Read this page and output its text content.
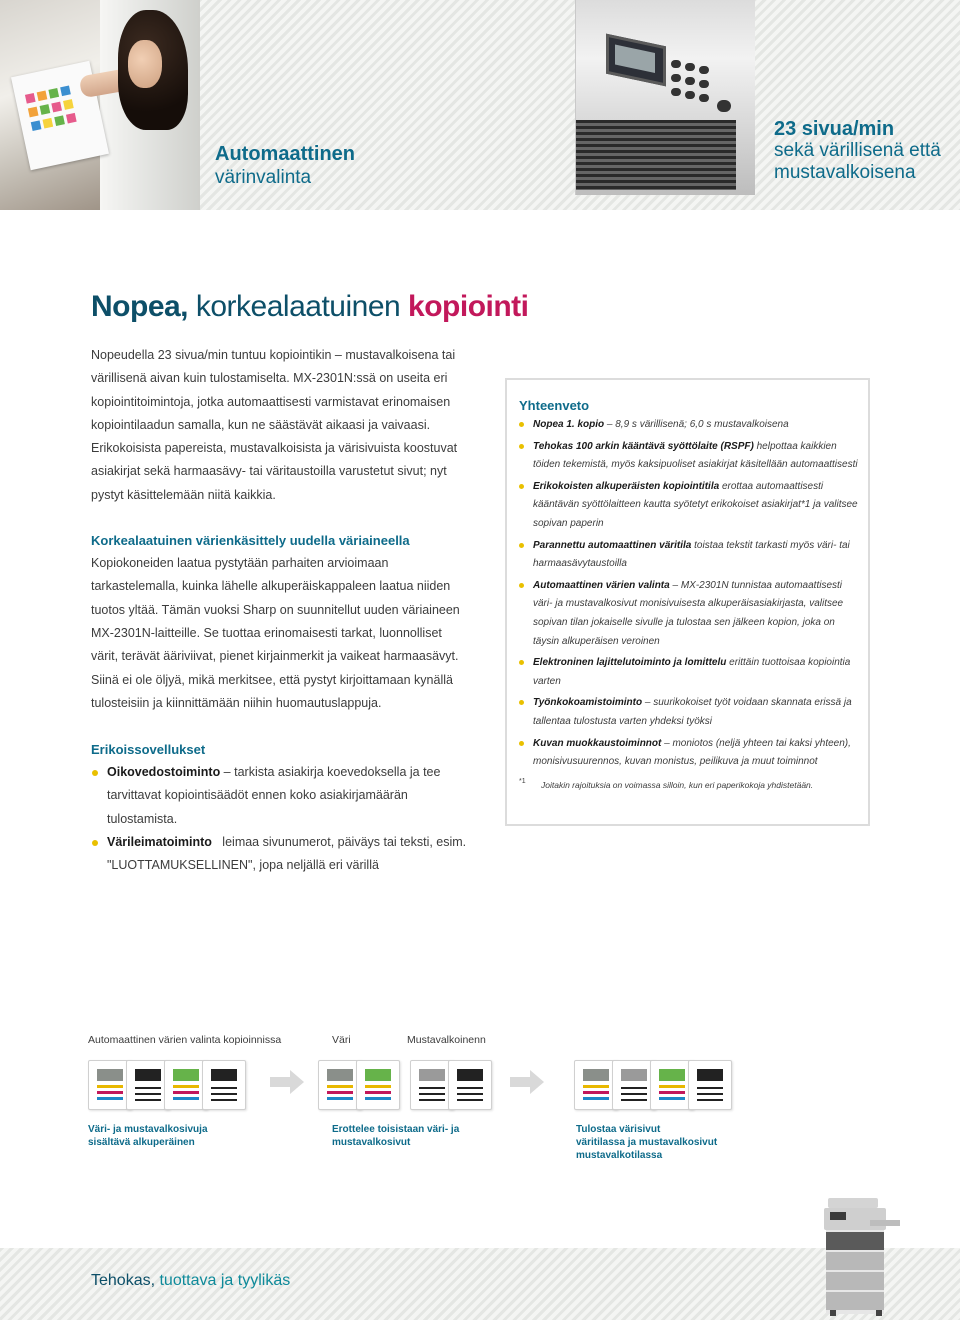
Automaattinen
värinvalinta
23 sivua/min
sekä värillisenä että
mustavalkoisena
Nopea, korkealaatuinen kopiointi

Nopeudella 23 sivua/min tuntuu kopiointikin – mustavalkoisena tai värillisenä aivan kuin tulostamiselta. MX-2301N:ssä on useita eri kopiointitoimintoja, jotka automaattisesti varmistavat erinomaisen kopiointilaadun samalla, kun ne säästävät aikaasi ja vaivaasi.

Erikokoisista papereista, mustavalkoisista ja värisivuista koostuvat asiakirjat sekä harmaasävy- tai väritaustoilla varustetut sivut; nyt pystyt käsittelemään niitä kaikkia.

Korkealaatuinen värienkäsittely uudella väriaineella

Kopiokoneiden laatua pystytään parhaiten arvioimaan tarkastelemalla, kuinka lähelle alkuperäiskappaleen laatua niiden tuotos yltää. Tämän vuoksi Sharp on suunnitellut uuden väriaineen MX-2301N-laitteille. Se tuottaa erinomaisesti tarkat, luonnolliset värit, terävät ääriviivat, pienet kirjainmerkit ja vaikeat harmaasävyt. Siinä ei ole öljyä, mikä merkitsee, että pystyt kirjoittamaan kynällä tulosteisiin ja kiinnittämään niihin huomautuslappuja.

Erikoissovellukset
Oikovedostoiminto – tarkista asiakirja koevedoksella ja tee tarvittavat kopiointisäädöt ennen koko asiakirjamäärän tulostamista.
Värileimatoiminto   leimaa sivunumerot, päiväys tai teksti, esim. "LUOTTAMUKSELLINEN", jopa neljällä eri värillä
Yhteenveto
Nopea 1. kopio – 8,9 s värillisenä; 6,0 s mustavalkoisena
Tehokas 100 arkin kääntävä syöttölaite (RSPF) helpottaa kaikkien töiden tekemistä, myös kaksipuoliset asiakirjat käsitellään automaattisesti
Erikokoisten alkuperäisten kopiointitila erottaa automaattisesti kääntävän syöttölaitteen kautta syötetyt erikokoiset asiakirjat*1 ja valitsee sopivan paperin
Parannettu automaattinen väritila toistaa tekstit tarkasti myös väri- tai harmaasävytaustoilla
Automaattinen värien valinta – MX-2301N tunnistaa automaattisesti väri- ja mustavalkosivut monisivuisesta alkuperäisasiakirjasta, valitsee sopivan tilan jokaiselle sivulle ja tulostaa sen jälkeen kopion, joka on täysin alkuperäisen veroinen
Elektroninen lajittelutoiminto ja lomittelu erittäin tuottoisaa kopiointia varten
Työnkokoamistoiminto – suurikokoiset työt voidaan skannata erissä ja tallentaa tulostusta varten yhdeksi työksi
Kuvan muokkaustoiminnot – moniotos (neljä yhteen tai kaksi yhteen), monisivusuurennos, kuvan monistus, peilikuva ja muut toiminnot
*1 Joitakin rajoituksia on voimassa silloin, kun eri paperikokoja yhdistetään.
Automaattinen värien valinta kopioinnissa	Väri	Mustavalkoinenn
Väri- ja mustavalkosivuja
sisältävä alkuperäinen
Erottelee toisistaan väri- ja
mustavalkosivut
Tulostaa värisivut
väritilassa ja mustavalkosivut
mustavalkotilassa
Tehokas, tuottava ja tyylikäs
